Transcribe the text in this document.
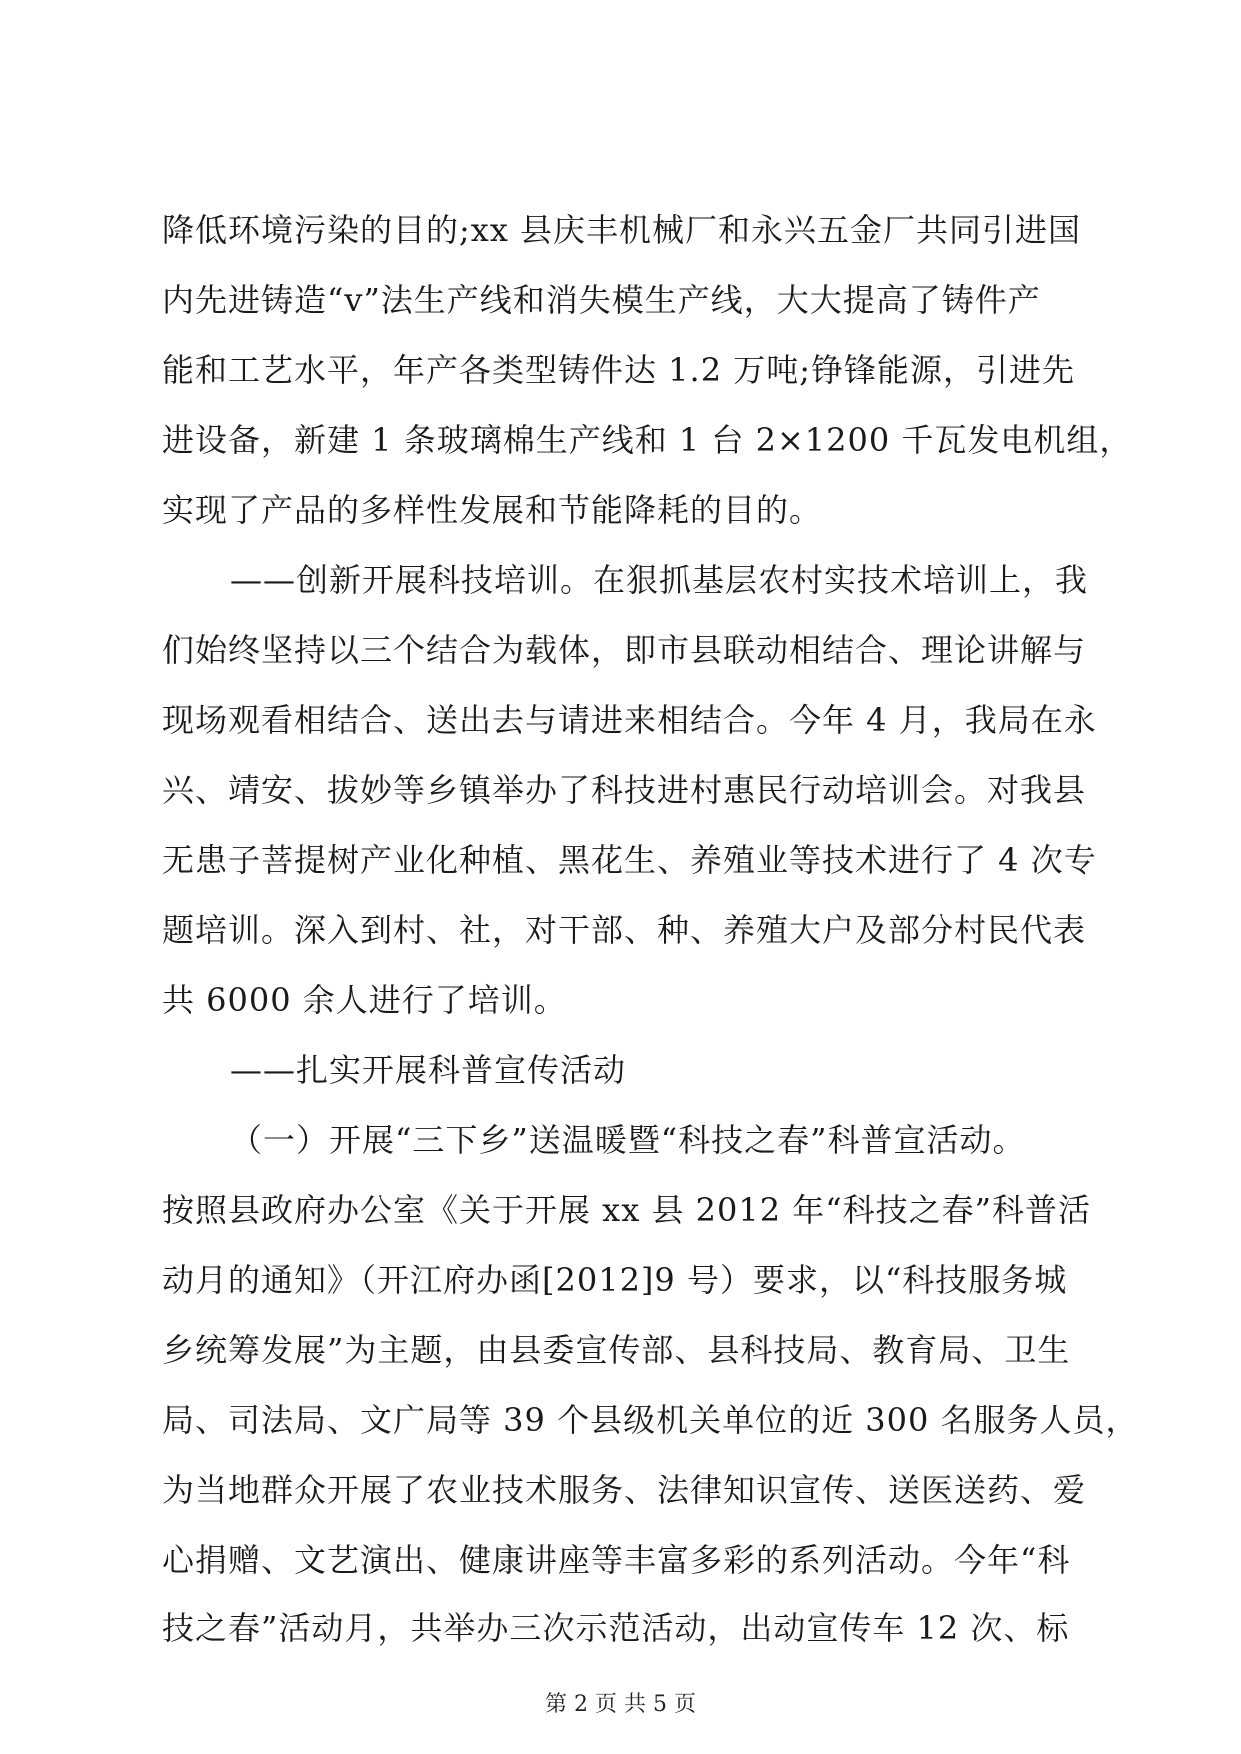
降低环境污染的目的;xx 县庆丰机械厂和永兴五金厂共同引进国
内先进铸造“v”法生产线和消失模生产线，大大提高了铸件产
能和工艺水平，年产各类型铸件达 1.2 万吨;铮锋能源，引进先
进设备，新建 1 条玻璃棉生产线和 1 台 2×1200 千瓦发电机组，
实现了产品的多样性发展和节能降耗的目的。
——创新开展科技培训。在狠抓基层农村实技术培训上，我
们始终坚持以三个结合为载体，即市县联动相结合、理论讲解与
现场观看相结合、送出去与请进来相结合。今年 4 月，我局在永
兴、靖安、拔妙等乡镇举办了科技进村惠民行动培训会。对我县
无患子菩提树产业化种植、黑花生、养殖业等技术进行了 4 次专
题培训。深入到村、社，对干部、种、养殖大户及部分村民代表
共 6000 余人进行了培训。
——扎实开展科普宣传活动
（一）开展“三下乡”送温暖暨“科技之春”科普宣活动。
按照县政府办公室《关于开展 xx 县 2012 年“科技之春”科普活
动月的通知》（开江府办函[2012]9 号）要求，以“科技服务城
乡统筹发展”为主题，由县委宣传部、县科技局、教育局、卫生
局、司法局、文广局等 39 个县级机关单位的近 300 名服务人员，
为当地群众开展了农业技术服务、法律知识宣传、送医送药、爱
心捐赠、文艺演出、健康讲座等丰富多彩的系列活动。今年“科
技之春”活动月，共举办三次示范活动，出动宣传车 12 次、标
第 2 页 共 5 页
